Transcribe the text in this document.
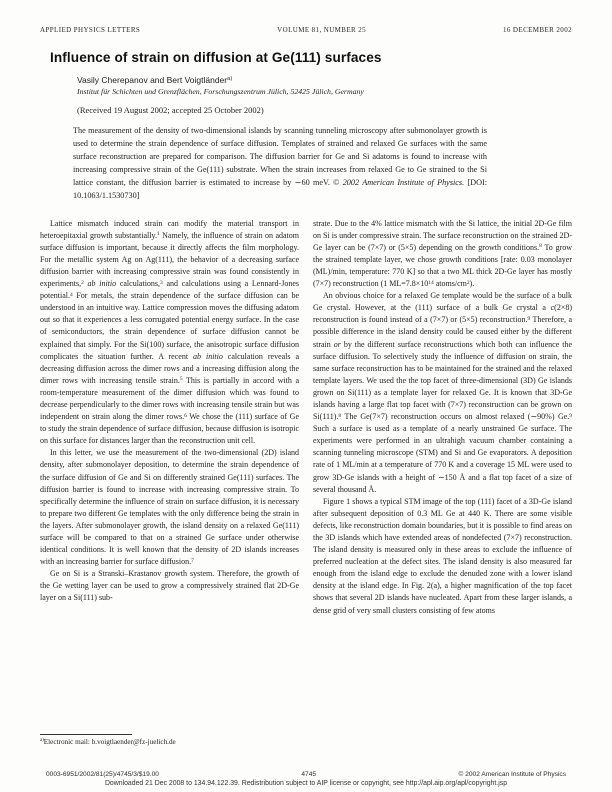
APPLIED PHYSICS LETTERS	VOLUME 81, NUMBER 25	16 DECEMBER 2002
Influence of strain on diffusion at Ge(111) surfaces
Vasily Cherepanov and Bert Voigtländer$^{a)}$
Institut für Schichten und Grenzflächen, Forschungszentrum Jülich, 52425 Jülich, Germany
(Received 19 August 2002; accepted 25 October 2002)
The measurement of the density of two-dimensional islands by scanning tunneling microscopy after submonolayer growth is used to determine the strain dependence of surface diffusion. Templates of strained and relaxed Ge surfaces with the same surface reconstruction are prepared for comparison. The diffusion barrier for Ge and Si adatoms is found to increase with increasing compressive strain of the Ge(111) substrate. When the strain increases from relaxed Ge to Ge strained to the Si lattice constant, the diffusion barrier is estimated to increase by ∼60 meV. © 2002 American Institute of Physics. [DOI: 10.1063/1.1530730]

Lattice mismatch induced strain can modify the material transport in heteroepitaxial growth substantially.$^1$ Namely, the influence of strain on adatom surface diffusion is important, because it directly affects the film morphology. For the metallic system Ag on Ag(111), the behavior of a decreasing surface diffusion barrier with increasing compressive strain was found consistently in experiments,$^2$ ab initio calculations,$^3$ and calculations using a Lennard-Jones potential.$^4$ For metals, the strain dependence of the surface diffusion can be understood in an intuitive way. Lattice compression moves the diffusing adatom out so that it experiences a less corrugated potential energy surface. In the case of semiconductors, the strain dependence of surface diffusion cannot be explained that simply. For the Si(100) surface, the anisotropic surface diffusion complicates the situation further. A recent ab initio calculation reveals a decreasing diffusion across the dimer rows and a increasing diffusion along the dimer rows with increasing tensile strain.$^5$ This is partially in accord with a room-temperature measurement of the dimer diffusion which was found to decrease perpendicularly to the dimer rows with increasing tensile strain but was independent on strain along the dimer rows.$^6$ We chose the (111) surface of Ge to study the strain dependence of surface diffusion, because diffusion is isotropic on this surface for distances larger than the reconstruction unit cell.

In this letter, we use the measurement of the two-dimensional (2D) island density, after submonolayer deposition, to determine the strain dependence of the surface diffusion of Ge and Si on differently strained Ge(111) surfaces. The diffusion barrier is found to increase with increasing compressive strain. To specifically determine the influence of strain on surface diffusion, it is necessary to prepare two different Ge templates with the only difference being the strain in the layers. After submonolayer growth, the island density on a relaxed Ge(111) surface will be compared to that on a strained Ge surface under otherwise identical conditions. It is well known that the density of 2D islands increases with an increasing barrier for surface diffusion.$^7$

Ge on Si is a Stranski–Krastanov growth system. Therefore, the growth of the Ge wetting layer can be used to grow a compressively strained flat 2D-Ge layer on a Si(111) sub-

$^{a)}$Electronic mail: b.voigtlaender@fz-juelich.de

strate. Due to the 4% lattice mismatch with the Si lattice, the initial 2D-Ge film on Si is under compressive strain. The surface reconstruction on the strained 2D-Ge layer can be (7×7) or (5×5) depending on the growth conditions.$^8$ To grow the strained template layer, we chose growth conditions [rate: 0.03 monolayer (ML)/min, temperature: 770 K] so that a two ML thick 2D-Ge layer has mostly (7×7) reconstruction (1 $ML=7.8\times 10^{14}$ atoms/$cm^2$).

An obvious choice for a relaxed Ge template would be the surface of a bulk Ge crystal. However, at the (111) surface of a bulk Ge crystal a c(2×8) reconstruction is found instead of a (7×7) or (5×5) reconstruction.$^9$ Therefore, a possible difference in the island density could be caused either by the different strain or by the different surface reconstructions which both can influence the surface diffusion. To selectively study the influence of diffusion on strain, the same surface reconstruction has to be maintained for the strained and the relaxed template layers. We used the the top facet of three-dimensional (3D) Ge islands grown on Si(111) as a template layer for relaxed Ge. It is known that 3D-Ge islands having a large flat top facet with (7×7) reconstruction can be grown on Si(111).$^8$ The Ge(7×7) reconstruction occurs on almost relaxed (∼90%) Ge.$^9$ Such a surface is used as a template of a nearly unstrained Ge surface. The experiments were performed in an ultrahigh vacuum chamber containing a scanning tunneling microscope (STM) and Si and Ge evaporators. A deposition rate of 1 ML/min at a temperature of 770 K and a coverage 15 ML were used to grow 3D-Ge islands with a height of ∼150 Å and a flat top facet of a size of several thousand Å.

Figure 1 shows a typical STM image of the top (111) facet of a 3D-Ge island after subsequent deposition of 0.3 ML Ge at 440 K. There are some visible defects, like reconstruction domain boundaries, but it is possible to find areas on the 3D islands which have extended areas of nondefected (7×7) reconstruction. The island density is measured only in these areas to exclude the influence of preferred nucleation at the defect sites. The island density is also measured far enough from the island edge to exclude the denuded zone with a lower island density at the island edge. In Fig. 2(a), a higher magnification of the top facet shows that several 2D islands have nucleated. Apart from these larger islands, a dense grid of very small clusters consisting of few atoms

0003-6951/2002/81(25)/4745/3/$19.00	4745	© 2002 American Institute of Physics
Downloaded 21 Dec 2008 to 134.94.122.39. Redistribution subject to AIP license or copyright, see http://apl.aip.org/apl/copyright.jsp
